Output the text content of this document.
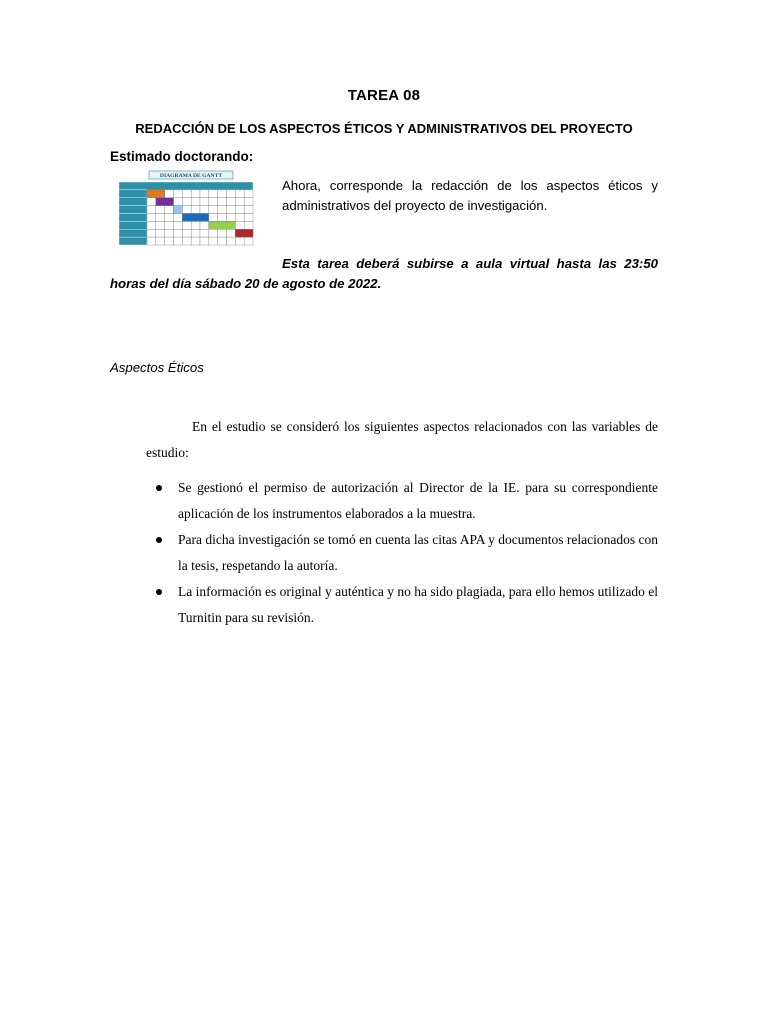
TAREA 08
REDACCIÓN DE LOS ASPECTOS ÉTICOS Y ADMINISTRATIVOS DEL PROYECTO
Estimado doctorando:
DIAGRAMA DE GANTT
Ahora, corresponde la redacción de los aspectos éticos y administrativos del proyecto de investigación.
Esta tarea deberá subirse a aula virtual hasta las 23:50 horas del día sábado 20 de agosto de 2022.
Aspectos Éticos
En el estudio se consideró los siguientes aspectos relacionados con las variables de estudio:
Se gestionó el permiso de autorización al Director de la IE. para su correspondiente aplicación de los instrumentos elaborados a la muestra.
Para dicha investigación se tomó en cuenta las citas APA y documentos relacionados con la tesis, respetando la autoría.
La información es original y auténtica y no ha sido plagiada, para ello hemos utilizado el Turnitin para su revisión.
